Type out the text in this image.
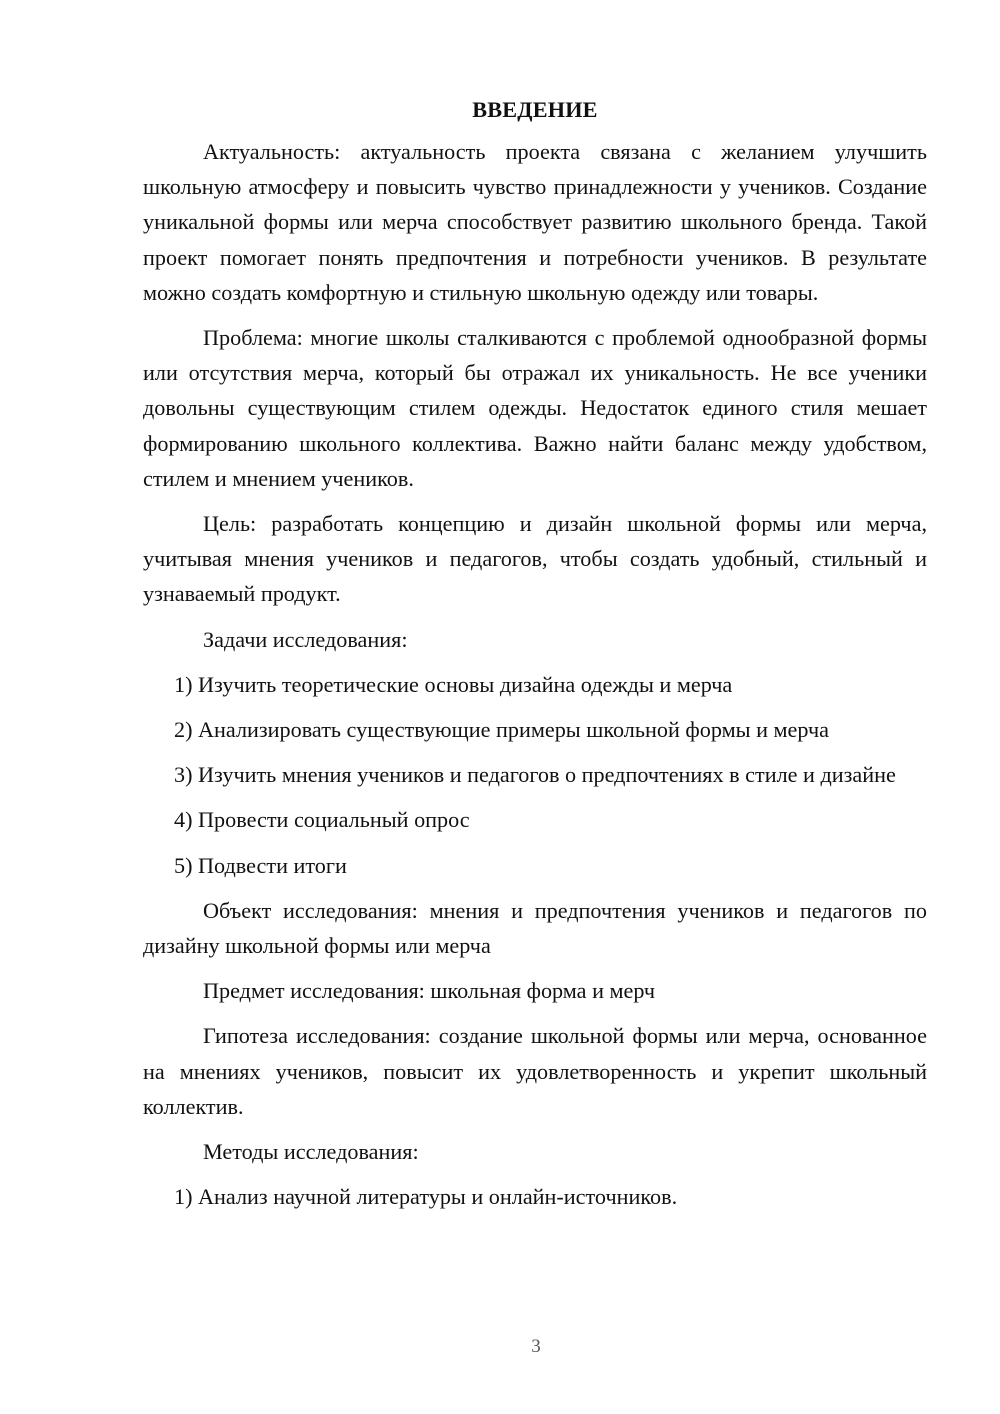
ВВЕДЕНИЕ

Актуальность: актуальность проекта связана с желанием улучшить школьную атмосферу и повысить чувство принадлежности у учеников. Создание уникальной формы или мерча способствует развитию школьного бренда. Такой проект помогает понять предпочтения и потребности учеников. В результате можно создать комфортную и стильную школьную одежду или товары.

Проблема: многие школы сталкиваются с проблемой однообразной формы или отсутствия мерча, который бы отражал их уникальность. Не все ученики довольны существующим стилем одежды. Недостаток единого стиля мешает формированию школьного коллектива. Важно найти баланс между удобством, стилем и мнением учеников.

Цель: разработать концепцию и дизайн школьной формы или мерча, учитывая мнения учеников и педагогов, чтобы создать удобный, стильный и узнаваемый продукт.

Задачи исследования:

1) Изучить теоретические основы дизайна одежды и мерча

2) Анализировать существующие примеры школьной формы и мерча

3) Изучить мнения учеников и педагогов о предпочтениях в стиле и дизайне

4) Провести социальный опрос

5) Подвести итоги

Объект исследования: мнения и предпочтения учеников и педагогов по дизайну школьной формы или мерча

Предмет исследования: школьная форма и мерч

Гипотеза исследования: создание школьной формы или мерча, основанное на мнениях учеников, повысит их удовлетворенность и укрепит школьный коллектив.

Методы исследования:

1) Анализ научной литературы и онлайн-источников.

3
